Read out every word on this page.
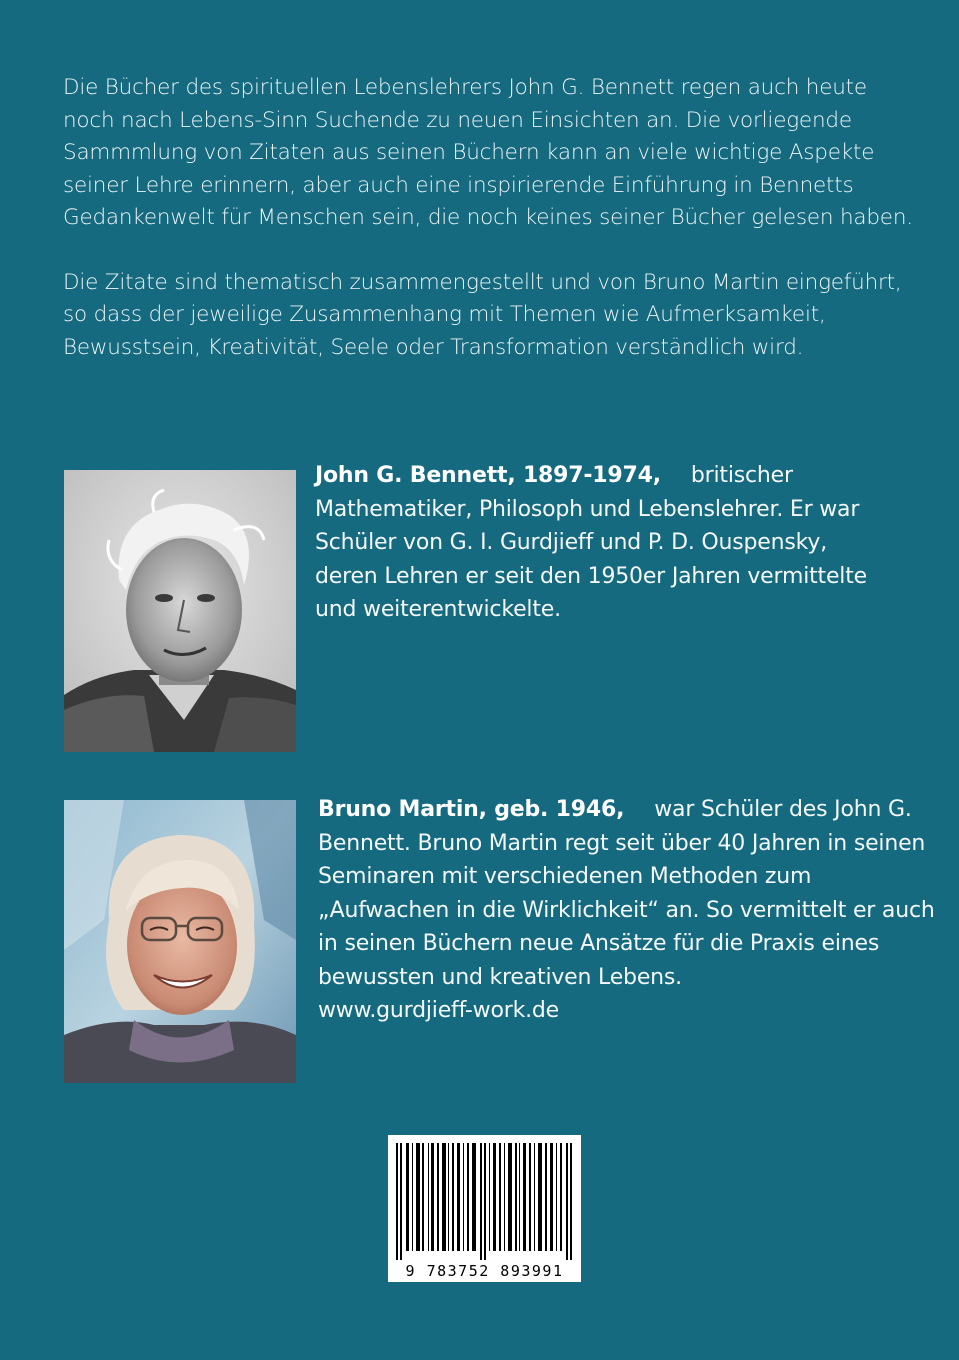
Die Bücher des spirituellen Lebenslehrers John G. Bennett regen auch heute noch nach Lebens-Sinn Suchende zu neuen Einsichten an. Die vorliegende Sammmlung von Zitaten aus seinen Büchern kann an viele wichtige Aspekte seiner Lehre erinnern, aber auch eine inspirierende Einführung in Bennetts Gedankenwelt für Menschen sein, die noch keines seiner Bücher gelesen haben.

Die Zitate sind thematisch zusammengestellt und von Bruno Martin eingeführt, so dass der jeweilige Zusammenhang mit Themen wie Aufmerksamkeit, Bewusstsein, Kreativität, Seele oder Transformation verständlich wird.

John G. Bennett, 1897-1974, britischer Mathematiker, Philosoph und Lebenslehrer. Er war Schüler von G. I. Gurdjieff und P. D. Ouspensky, deren Lehren er seit den 1950er Jahren vermittelte und weiterentwickelte.
Bruno Martin, geb. 1946, war Schüler des John G. Bennett. Bruno Martin regt seit über 40 Jahren in seinen Seminaren mit verschiedenen Methoden zum „Aufwachen in die Wirklichkeit“ an. So vermittelt er auch in seinen Büchern neue Ansätze für die Praxis eines bewussten und kreativen Lebens.
www.gurdjieff-work.de
9 783752 893991
